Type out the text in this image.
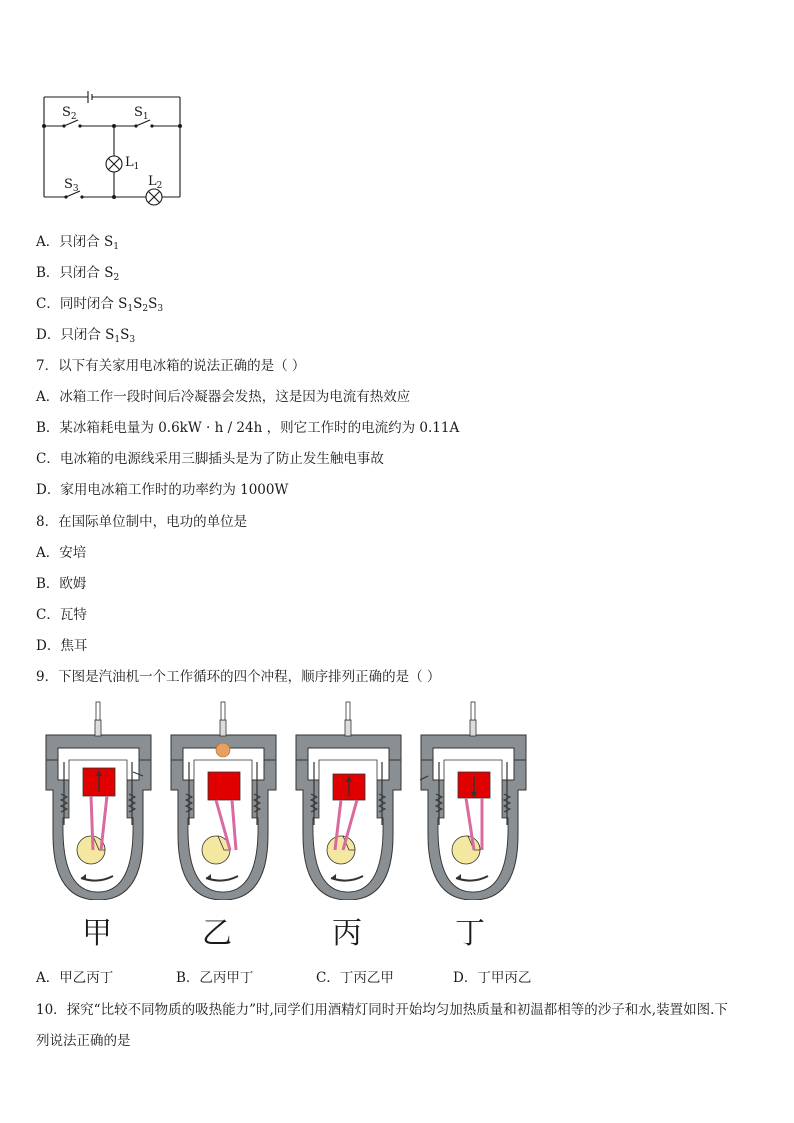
$S_2$	$S_1$
$S_3$
$L_1$
$L_2$
A．只闭合 $S_1$
B．只闭合 $S_2$
C．同时闭合 $S_1S_2S_3$
D．只闭合 $S_1S_3$
7．以下有关家用电冰箱的说法正确的是（ ）
A．冰箱工作一段时间后冷凝器会发热，这是因为电流有热效应
B．某冰箱耗电量为 0.6kW · h / 24h ，则它工作时的电流约为 0.11A
C．电冰箱的电源线采用三脚插头是为了防止发生触电事故
D．家用电冰箱工作时的功率约为 1000W
8．在国际单位制中，电功的单位是
A．安培
B．欧姆
C．瓦特
D．焦耳
9．下图是汽油机一个工作循环的四个冲程，顺序排列正确的是（ ）
甲	乙	丙	丁
A．甲乙丙丁	B．乙丙甲丁	C．丁丙乙甲	D．丁甲丙乙
10．探究“比较不同物质的吸热能力”时,同学们用酒精灯同时开始均匀加热质量和初温都相等的沙子和水,装置如图.下
列说法正确的是
